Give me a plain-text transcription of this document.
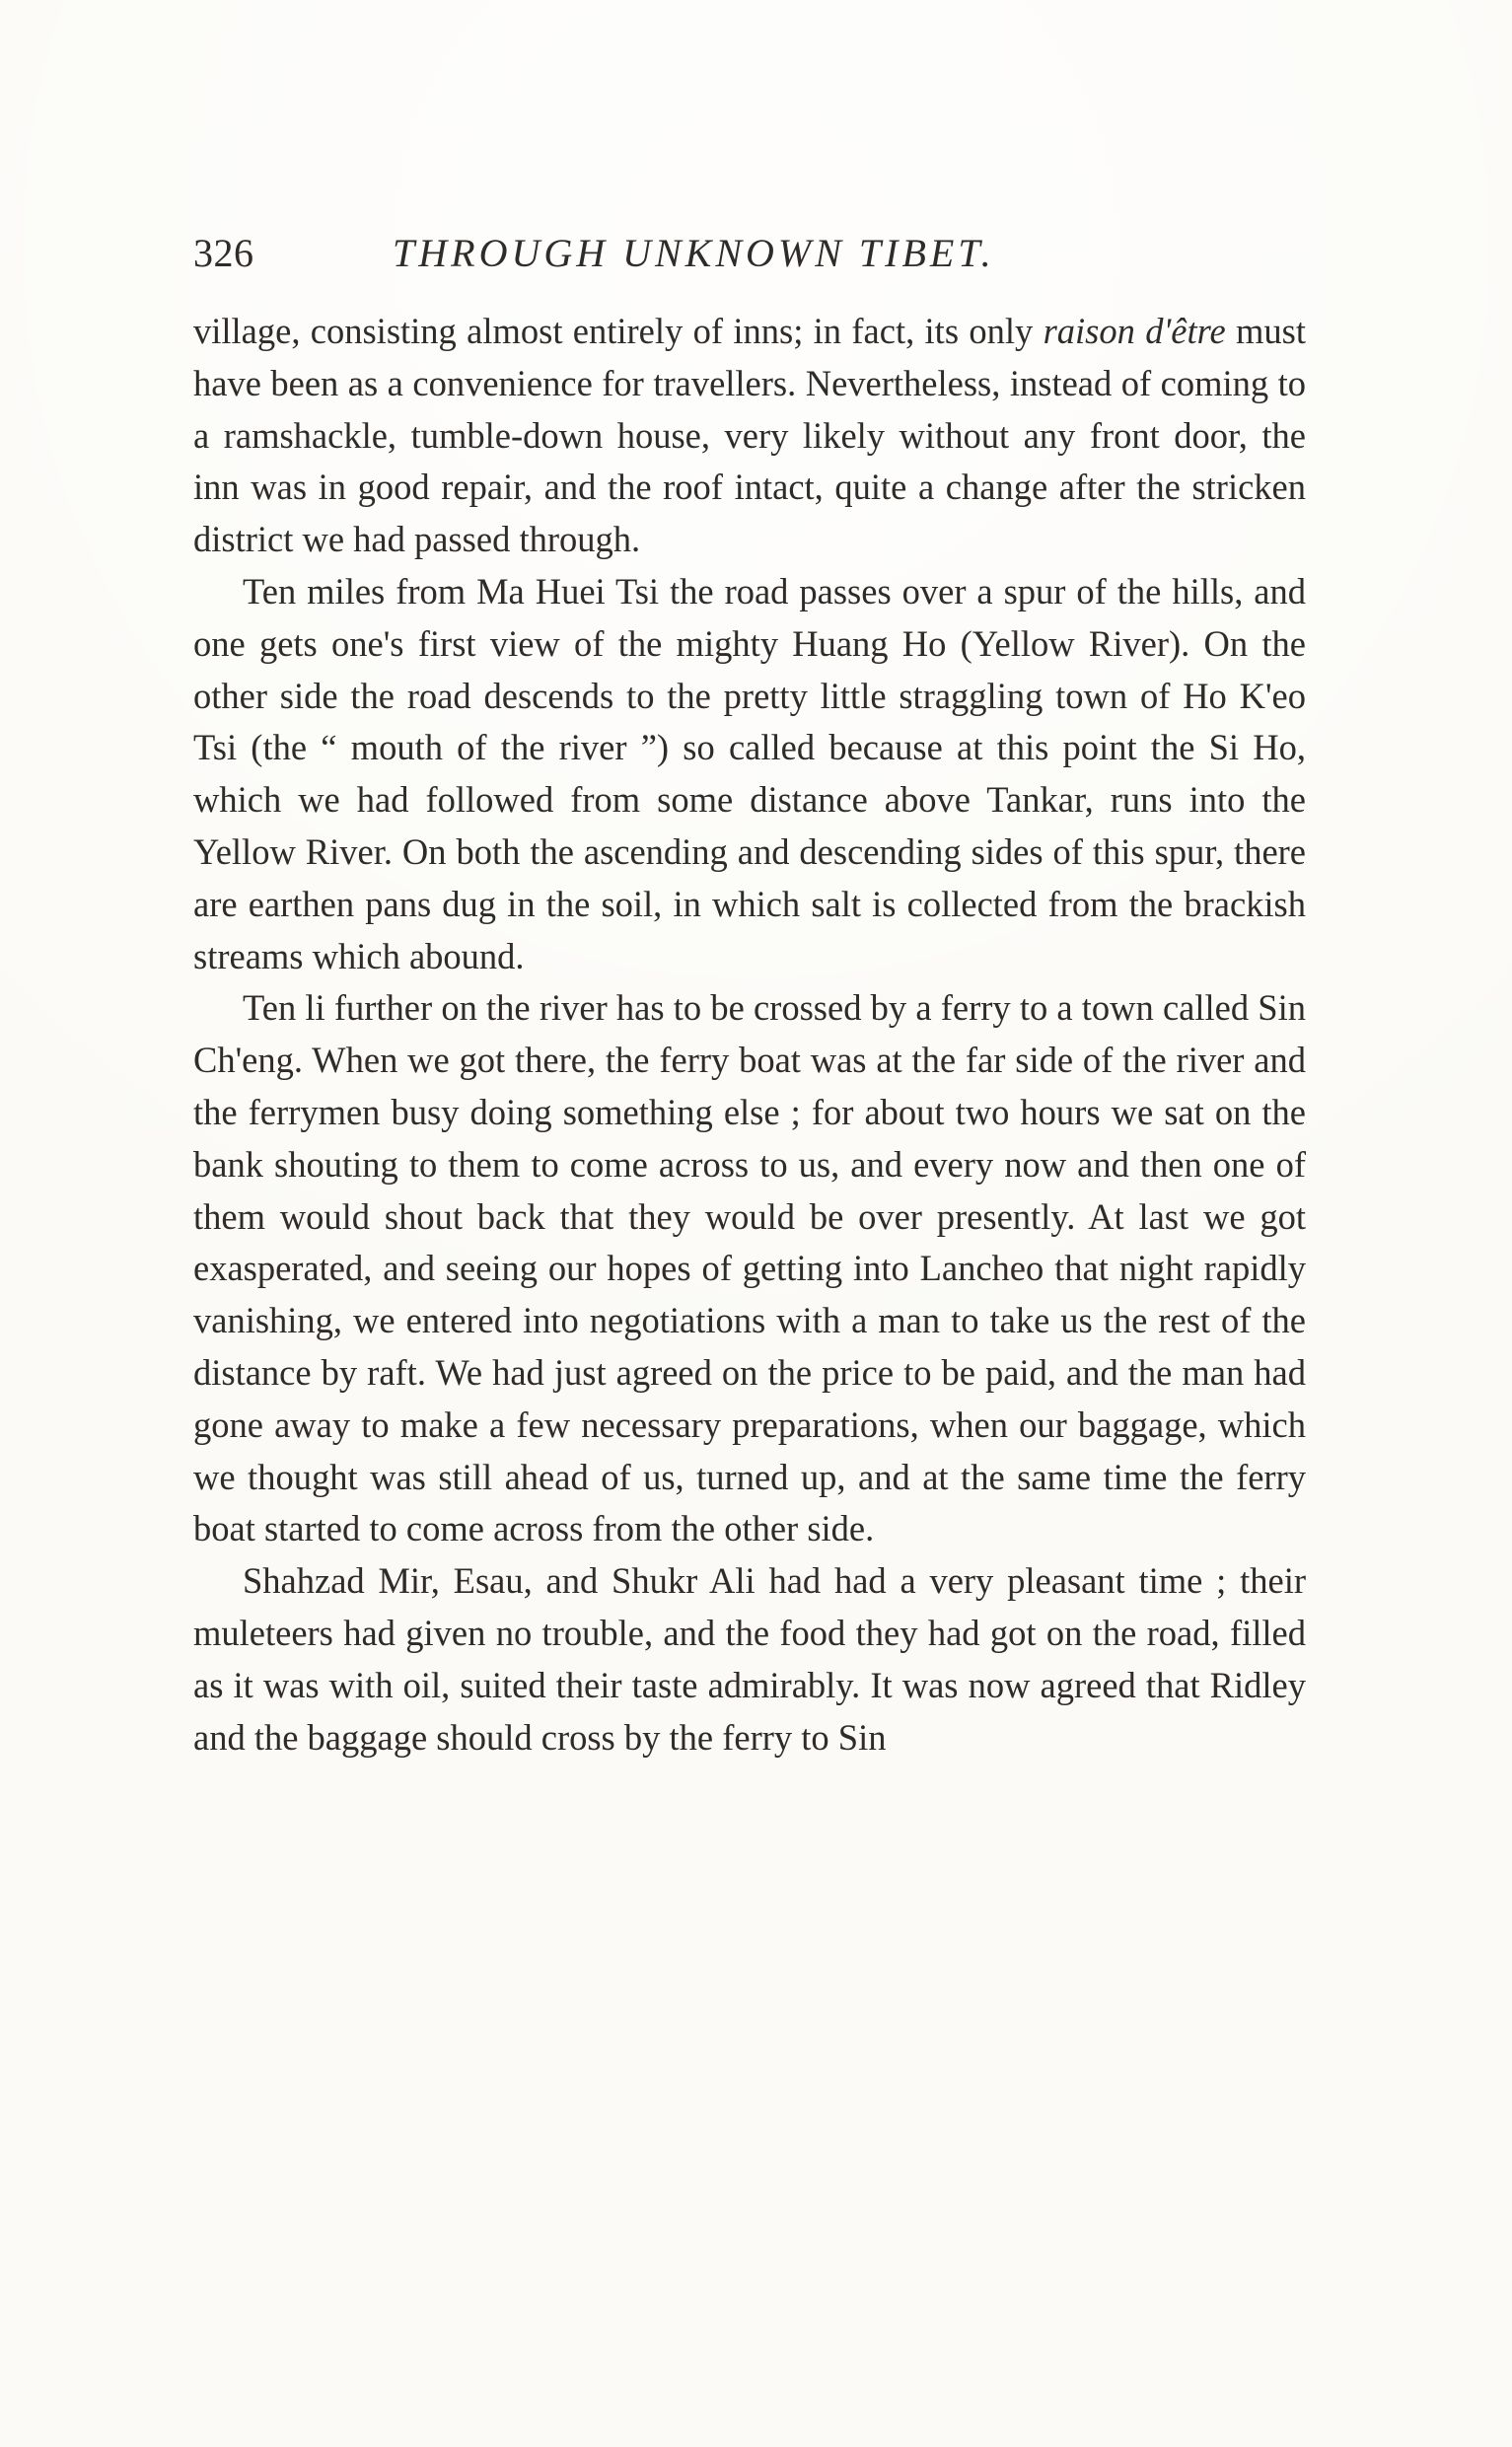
326	THROUGH UNKNOWN TIBET.

village, consisting almost entirely of inns; in fact, its only raison d'être must have been as a convenience for travellers. Nevertheless, instead of coming to a ramshackle, tumble-down house, very likely without any front door, the inn was in good repair, and the roof intact, quite a change after the stricken district we had passed through.

Ten miles from Ma Huei Tsi the road passes over a spur of the hills, and one gets one's first view of the mighty Huang Ho (Yellow River). On the other side the road descends to the pretty little straggling town of Ho K'eo Tsi (the “ mouth of the river ”) so called because at this point the Si Ho, which we had followed from some distance above Tankar, runs into the Yellow River. On both the ascending and descending sides of this spur, there are earthen pans dug in the soil, in which salt is collected from the brackish streams which abound.

Ten li further on the river has to be crossed by a ferry to a town called Sin Ch'eng. When we got there, the ferry boat was at the far side of the river and the ferrymen busy doing something else ; for about two hours we sat on the bank shouting to them to come across to us, and every now and then one of them would shout back that they would be over presently. At last we got exasperated, and seeing our hopes of getting into Lancheo that night rapidly vanishing, we entered into negotiations with a man to take us the rest of the distance by raft. We had just agreed on the price to be paid, and the man had gone away to make a few necessary preparations, when our baggage, which we thought was still ahead of us, turned up, and at the same time the ferry boat started to come across from the other side.

Shahzad Mir, Esau, and Shukr Ali had had a very pleasant time ; their muleteers had given no trouble, and the food they had got on the road, filled as it was with oil, suited their taste admirably. It was now agreed that Ridley and the baggage should cross by the ferry to Sin
